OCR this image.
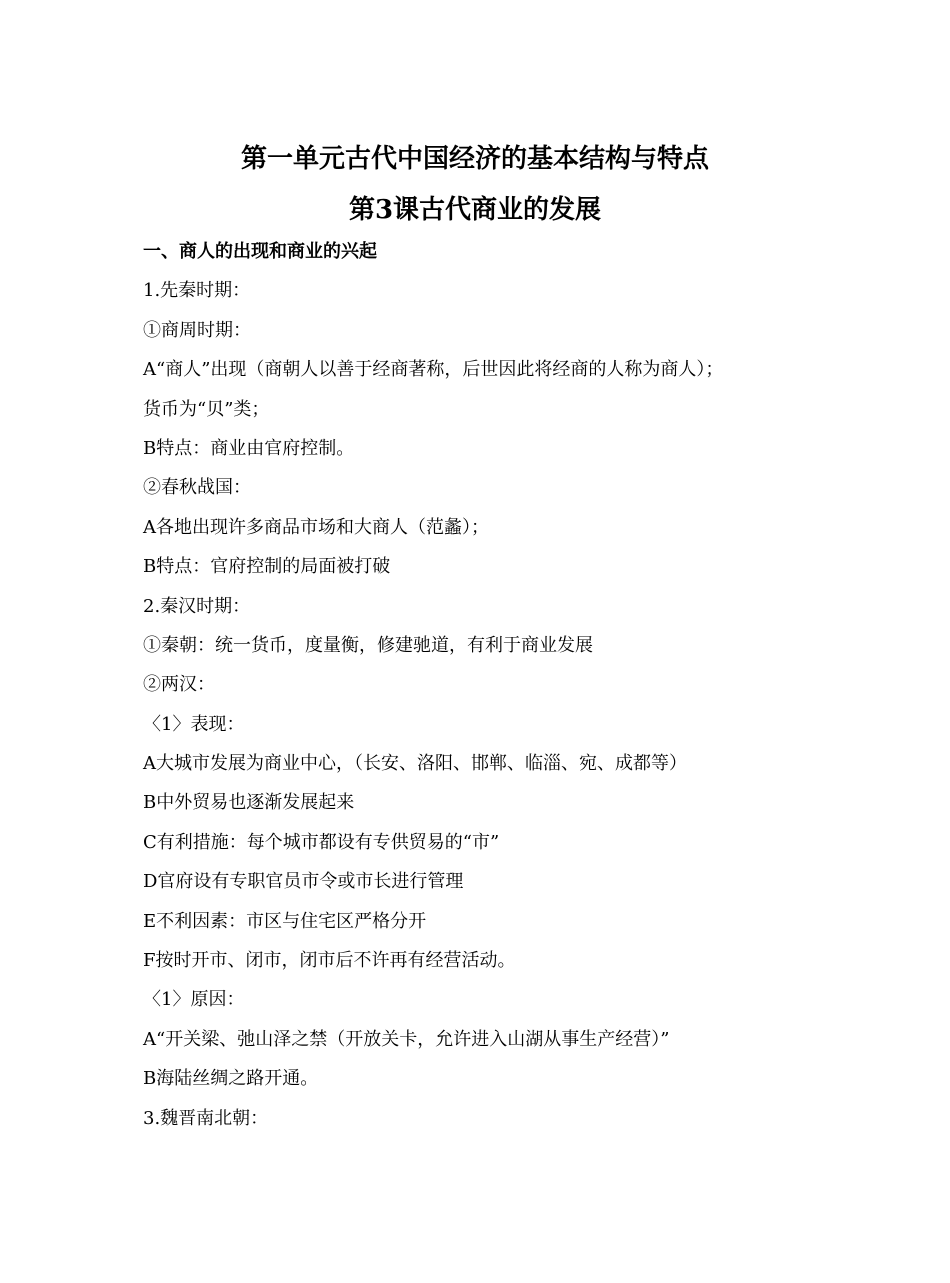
第一单元古代中国经济的基本结构与特点
第3课古代商业的发展
一、商人的出现和商业的兴起
1.先秦时期：
①商周时期：
A“商人”出现（商朝人以善于经商著称，后世因此将经商的人称为商人）；
货币为“贝”类；
B特点：商业由官府控制。
②春秋战国：
A各地出现许多商品市场和大商人（范蠡）；
B特点：官府控制的局面被打破
2.秦汉时期：
①秦朝：统一货币，度量衡，修建驰道，有利于商业发展
②两汉：
〈1〉表现：
A大城市发展为商业中心，（长安、洛阳、邯郸、临淄、宛、成都等）
B中外贸易也逐渐发展起来
C有利措施：每个城市都设有专供贸易的“市”
D官府设有专职官员市令或市长进行管理
E不利因素：市区与住宅区严格分开
F按时开市、闭市，闭市后不许再有经营活动。
〈1〉原因：
A“开关梁、弛山泽之禁（开放关卡，允许进入山湖从事生产经营）”
B海陆丝绸之路开通。
3.魏晋南北朝：
